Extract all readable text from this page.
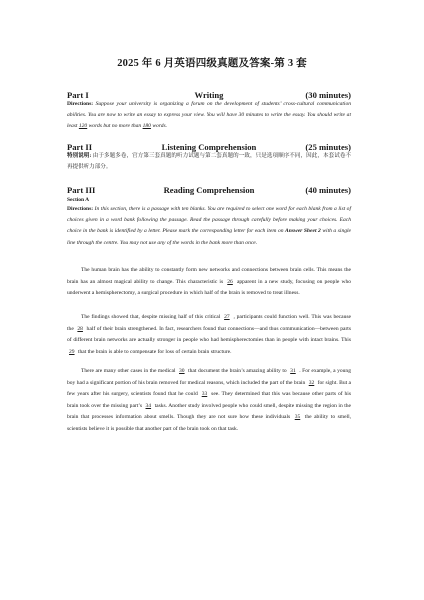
2025 年 6 月英语四级真题及答案-第 3 套
Part I	Writing	(30 minutes)
Directions: Suppose your university is organizing a forum on the development of students’ cross-cultural communication abilities. You are now to write an essay to express your view. You will have 30 minutes to write the essay. You should write at least 120 words but no more than 180 words.
Part II	Listening Comprehension	(25 minutes)
特别说明: 由于多题多卷，官方第三套真题的听力试题与第二套真题的一致，只是选项顺序不同，因此，本套试卷不再提供听力部分。
Part III	Reading Comprehension	(40 minutes)
Section A
Directions: In this section, there is a passage with ten blanks. You are required to select one word for each blank from a list of choices given in a word bank following the passage. Read the passage through carefully before making your choices. Each choice in the bank is identified by a letter. Please mark the corresponding letter for each item on Answer Sheet 2 with a single line through the centre. You may not use any of the words in the bank more than once.
The human brain has the ability to constantly form new networks and connections between brain cells. This means the brain has an almost magical ability to change. This characteristic is 26 apparent in a new study, focusing on people who underwent a hemispherectomy, a surgical procedure in which half of the brain is removed to treat illness.
The findings showed that, despite missing half of this critical 27 , participants could function well. This was because the 28 half of their brain strengthened. In fact, researchers found that connections—and thus communication—between parts of different brain networks are actually stronger in people who had hemispherectomies than in people with intact brains. This 29 that the brain is able to compensate for loss of certain brain structure.
There are many other cases in the medical 30 that document the brain’s amazing ability to 31 . For example, a young boy had a significant portion of his brain removed for medical reasons, which included the part of the brain 32 for sight. But a few years after his surgery, scientists found that he could 33 see. They determined that this was because other parts of his brain took over the missing part’s 34 tasks. Another study involved people who could smell, despite missing the region in the brain that processes information about smells. Though they are not sure how these individuals 35 the ability to smell, scientists believe it is possible that another part of the brain took on that task.
